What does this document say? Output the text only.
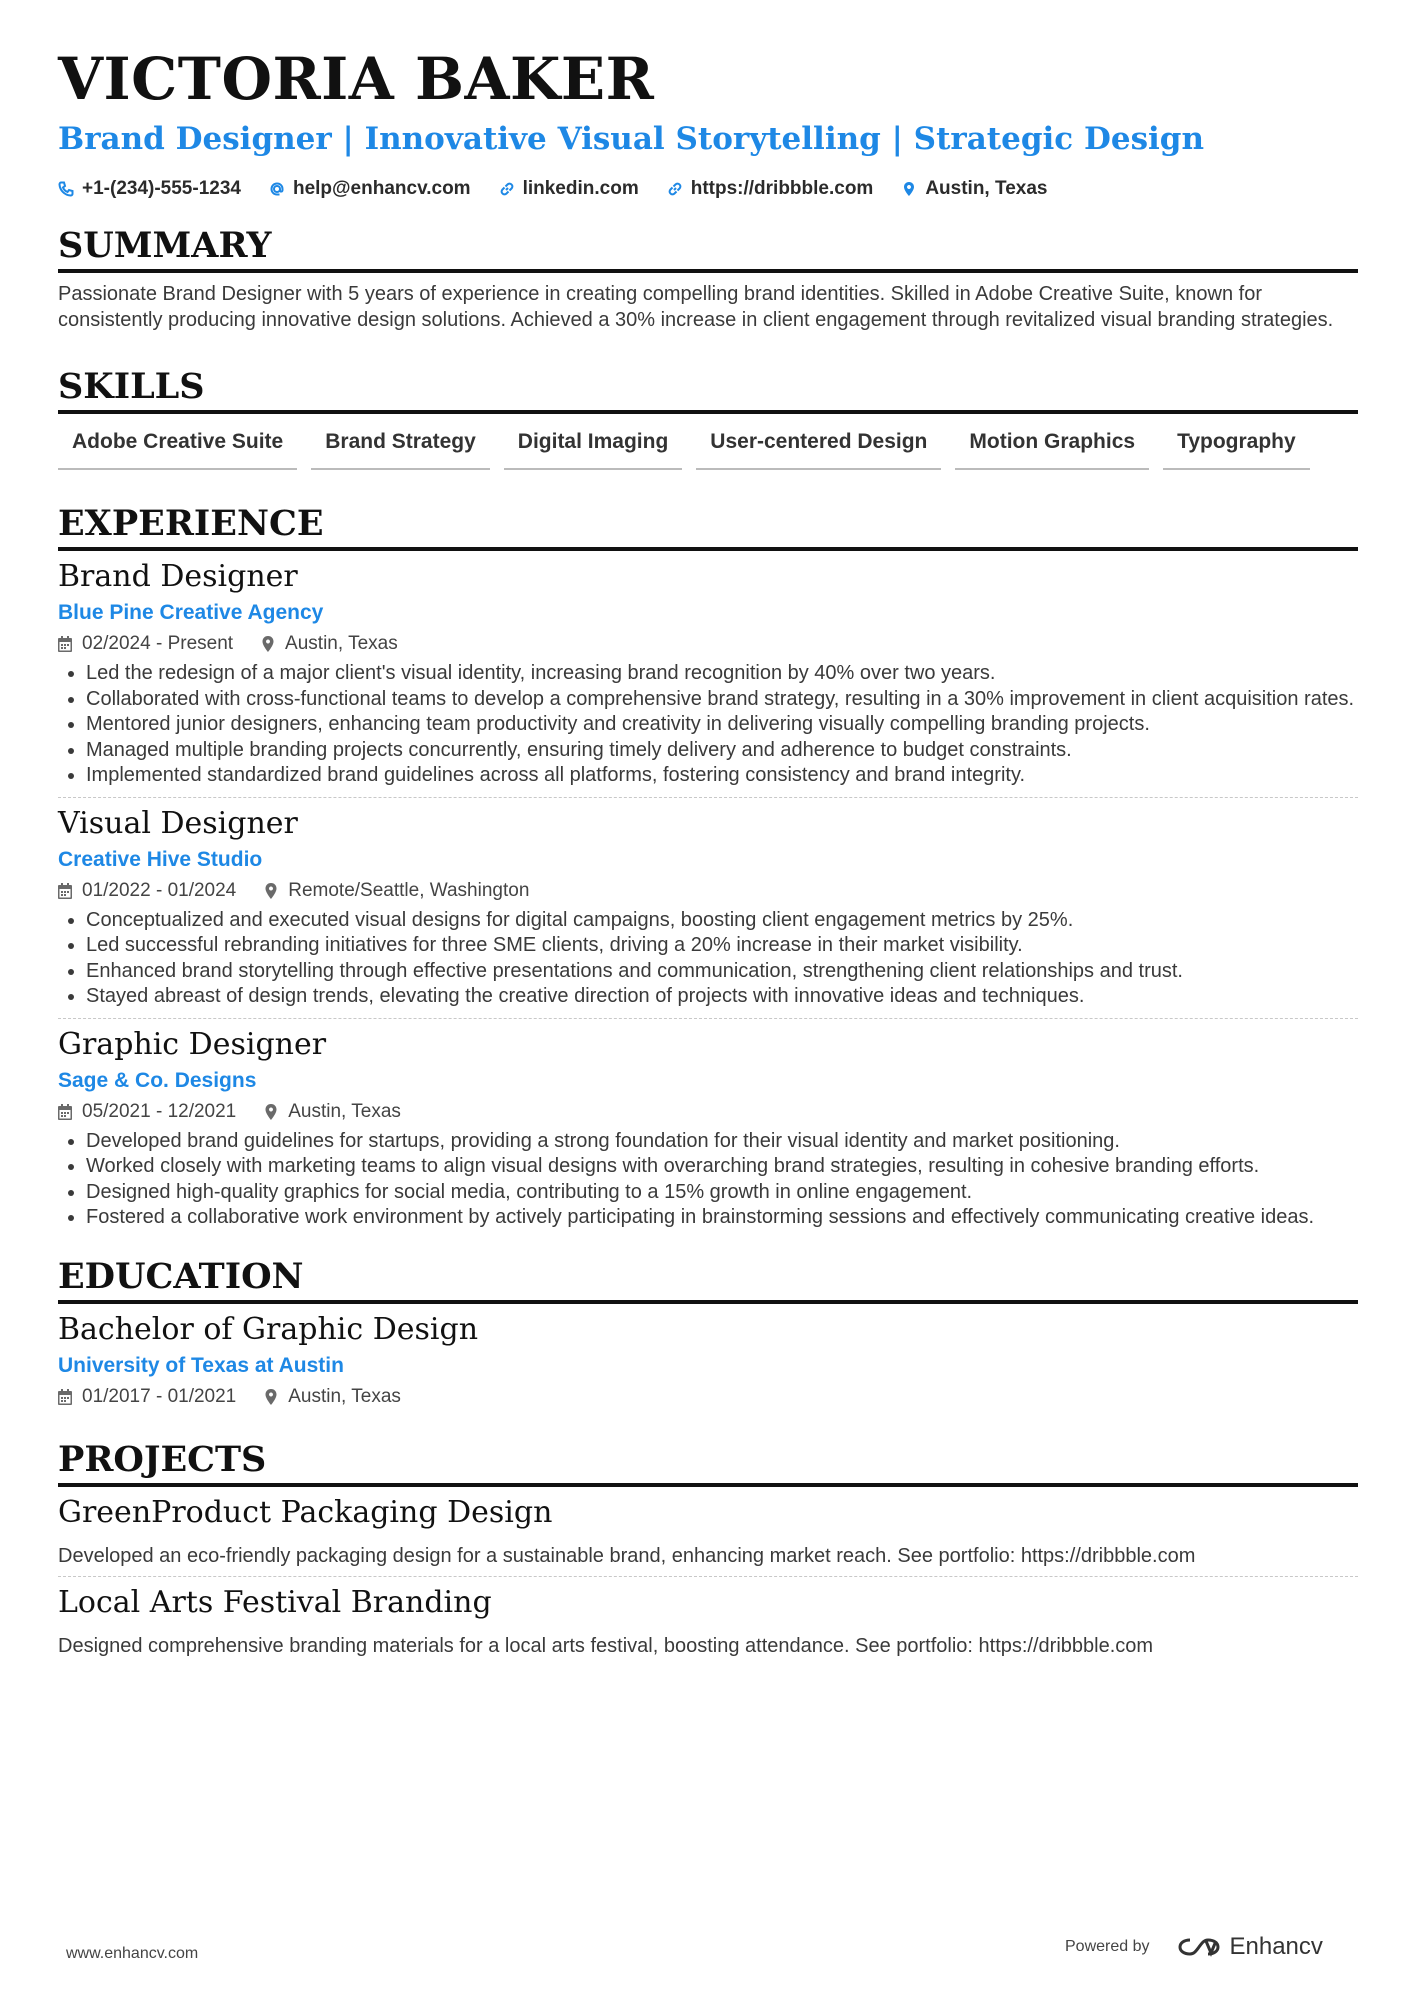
VICTORIA BAKER
Brand Designer | Innovative Visual Storytelling | Strategic Design
+1-(234)-555-1234	help@enhancv.com	linkedin.com	https://dribbble.com	Austin, Texas
SUMMARY
Passionate Brand Designer with 5 years of experience in creating compelling brand identities. Skilled in Adobe Creative Suite, known for consistently producing innovative design solutions. Achieved a 30% increase in client engagement through revitalized visual branding strategies.
SKILLS
Adobe Creative Suite	Brand Strategy	Digital Imaging	User-centered Design	Motion Graphics	Typography
EXPERIENCE
Brand Designer
Blue Pine Creative Agency
02/2024 - Present	Austin, Texas
• Led the redesign of a major client's visual identity, increasing brand recognition by 40% over two years.
• Collaborated with cross-functional teams to develop a comprehensive brand strategy, resulting in a 30% improvement in client acquisition rates.
• Mentored junior designers, enhancing team productivity and creativity in delivering visually compelling branding projects.
• Managed multiple branding projects concurrently, ensuring timely delivery and adherence to budget constraints.
• Implemented standardized brand guidelines across all platforms, fostering consistency and brand integrity.
Visual Designer
Creative Hive Studio
01/2022 - 01/2024	Remote/Seattle, Washington
• Conceptualized and executed visual designs for digital campaigns, boosting client engagement metrics by 25%.
• Led successful rebranding initiatives for three SME clients, driving a 20% increase in their market visibility.
• Enhanced brand storytelling through effective presentations and communication, strengthening client relationships and trust.
• Stayed abreast of design trends, elevating the creative direction of projects with innovative ideas and techniques.
Graphic Designer
Sage & Co. Designs
05/2021 - 12/2021	Austin, Texas
• Developed brand guidelines for startups, providing a strong foundation for their visual identity and market positioning.
• Worked closely with marketing teams to align visual designs with overarching brand strategies, resulting in cohesive branding efforts.
• Designed high-quality graphics for social media, contributing to a 15% growth in online engagement.
• Fostered a collaborative work environment by actively participating in brainstorming sessions and effectively communicating creative ideas.
EDUCATION
Bachelor of Graphic Design
University of Texas at Austin
01/2017 - 01/2021	Austin, Texas
PROJECTS
GreenProduct Packaging Design
Developed an eco-friendly packaging design for a sustainable brand, enhancing market reach. See portfolio: https://dribbble.com
Local Arts Festival Branding
Designed comprehensive branding materials for a local arts festival, boosting attendance. See portfolio: https://dribbble.com
www.enhancv.com	Powered by	Enhancv
